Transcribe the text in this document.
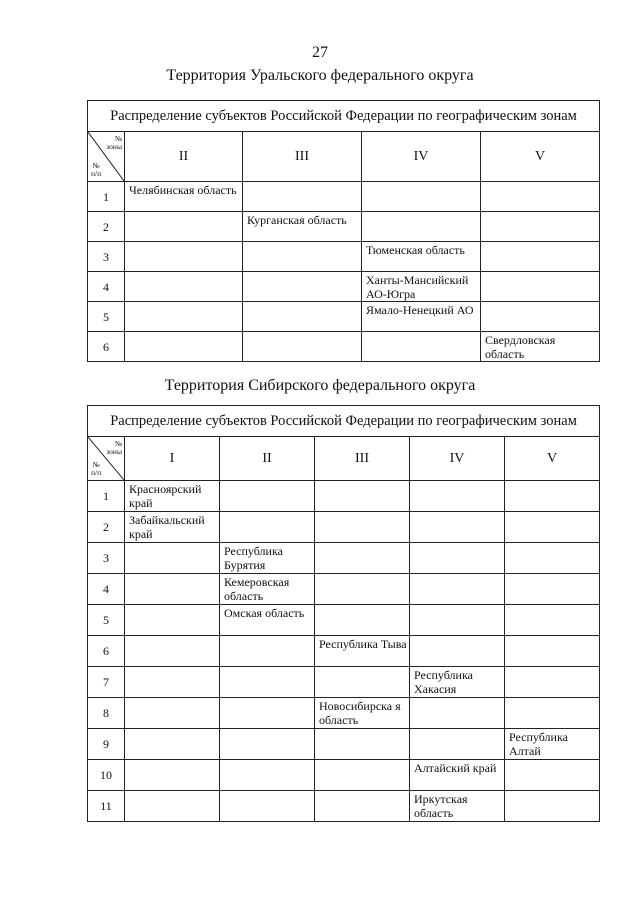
27
Территория Уральского федерального округа
Распределение субъектов Российской Федерации по географическим зонам				

№
зоны
№
п/п	II	III	IV	V
1	Челябинская область			

2		Курганская область		

3			Тюменская область	

4			Ханты-Мансийский АО-Югра	

5			Ямало-Ненецкий АО	

6				Свердловская область
Территория Сибирского федерального округа
Распределение субъектов Российской Федерации по географическим зонам					

№
зоны
№
п/п	I	II	III	IV	V
1	Красноярский край				

2	Забайкальский край				

3		Республика Бурятия			

4		Кемеровская область			

5		Омская область			

6			Республика Тыва		

7				Республика Хакасия	

8			Новосибирска я область		

9					Республика Алтай

10				Алтайский край	

11				Иркутская область	
